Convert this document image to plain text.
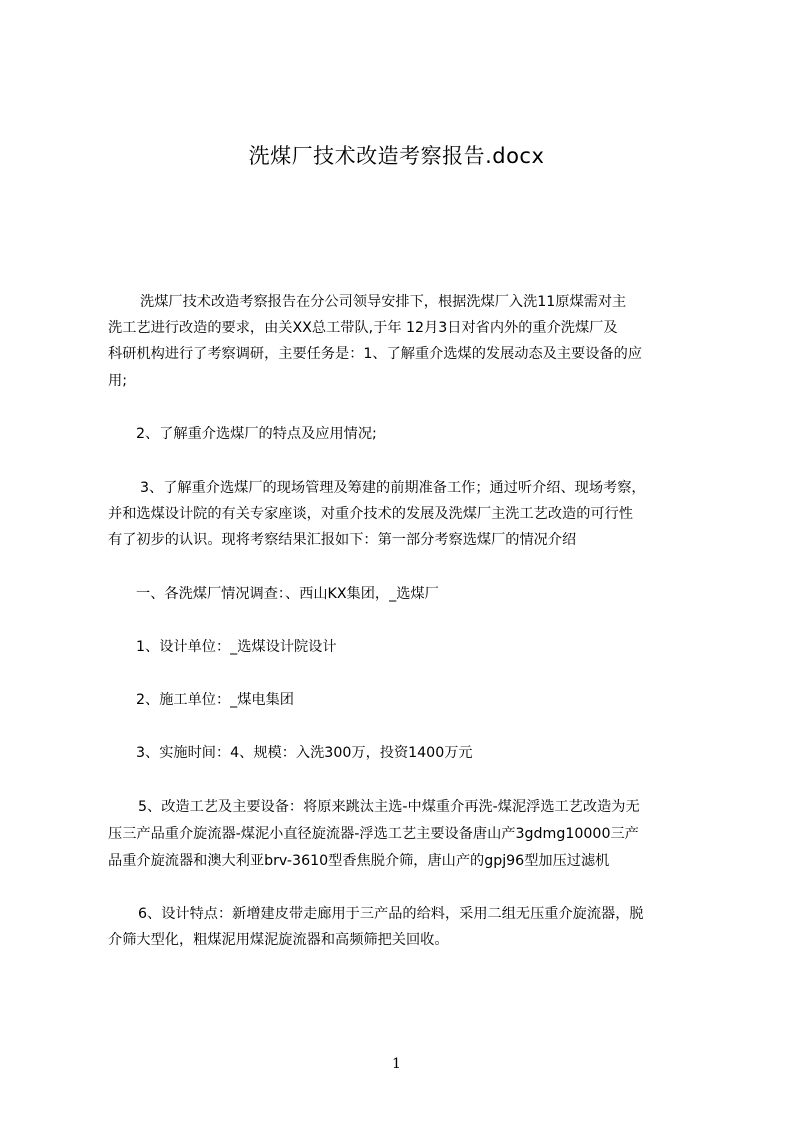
洗煤厂技术改造考察报告.docx
洗煤厂技术改造考察报告在分公司领导安排下，根据洗煤厂入洗11原煤需对主
洗工艺进行改造的要求，由关XX总工带队,于年 12月3日对省内外的重介洗煤厂及
科研机构进行了考察调研，主要任务是：1、了解重介选煤的发展动态及主要设备的应
用;
2、了解重介选煤厂的特点及应用情况;
3、了解重介选煤厂的现场管理及筹建的前期准备工作；通过听介绍、现场考察，
并和选煤设计院的有关专家座谈，对重介技术的发展及洗煤厂主洗工艺改造的可行性
有了初步的认识。现将考察结果汇报如下：第一部分考察选煤厂的情况介绍
一、各洗煤厂情况调查：、西山KX集团，_选煤厂
1、设计单位：_选煤设计院设计
2、施工单位：_煤电集团
3、实施时间：4、规模：入洗300万，投资1400万元
5、改造工艺及主要设备：将原来跳汰主选-中煤重介再洗-煤泥浮选工艺改造为无
压三产品重介旋流器-煤泥小直径旋流器-浮选工艺主要设备唐山产3gdmg10000三产
品重介旋流器和澳大利亚brv-3610型香焦脱介筛，唐山产的gpj96型加压过滤机
6、设计特点：新增建皮带走廊用于三产品的给料，采用二组无压重介旋流器，脱
介筛大型化，粗煤泥用煤泥旋流器和高频筛把关回收。
1
